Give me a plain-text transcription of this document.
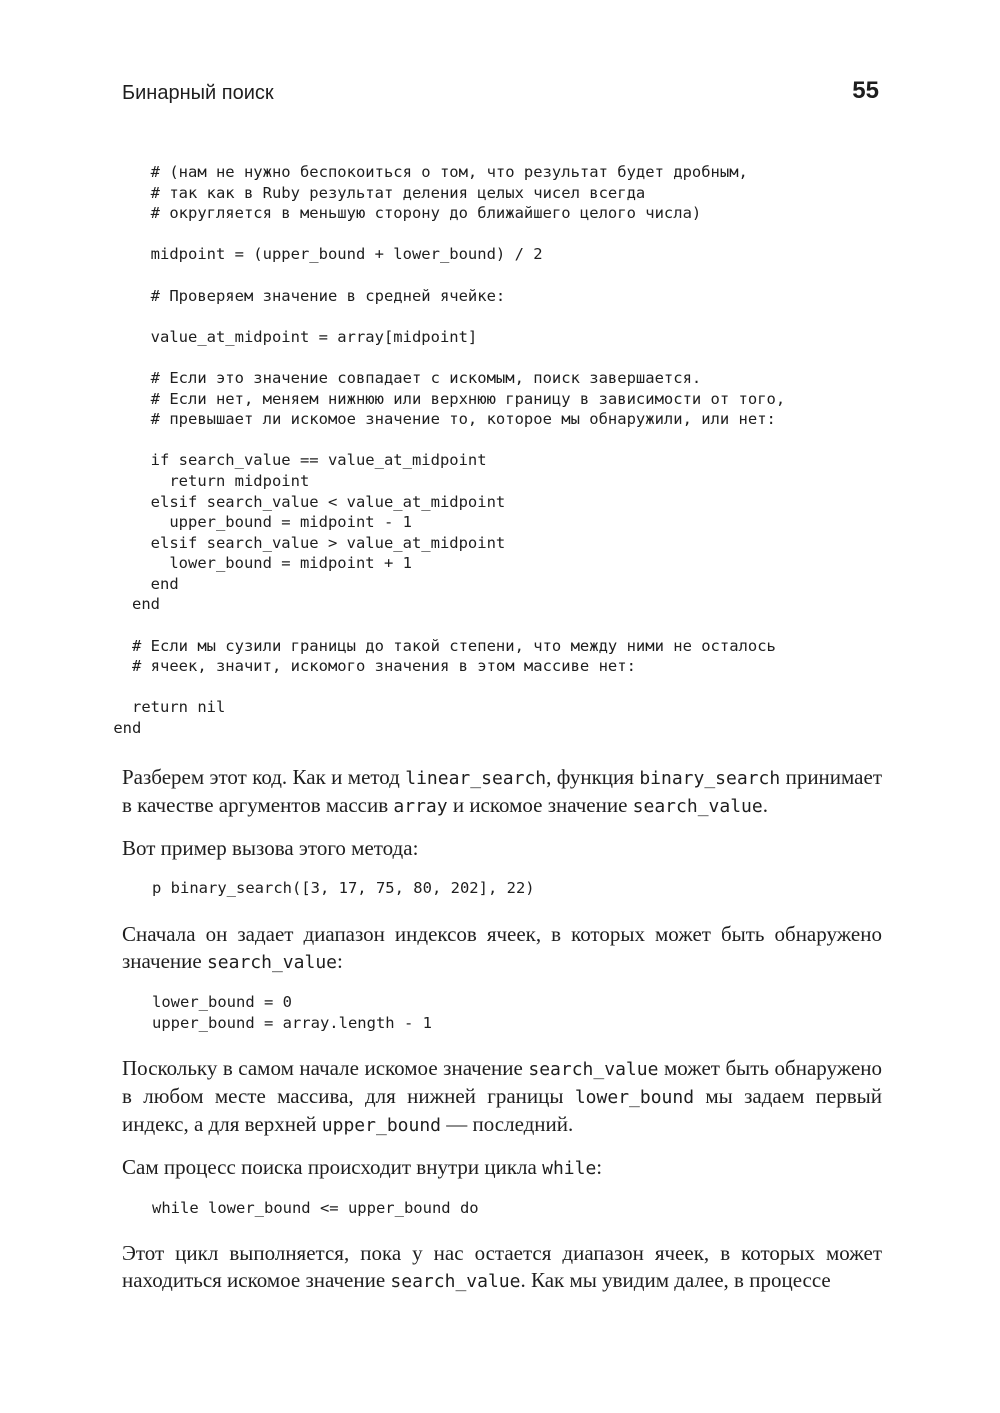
Бинарный поиск	55
# (нам не нужно беспокоиться о том, что результат будет дробным,
# так как в Ruby результат деления целых чисел всегда
# округляется в меньшую сторону до ближайшего целого числа)

midpoint = (upper_bound + lower_bound) / 2

# Проверяем значение в средней ячейке:

value_at_midpoint = array[midpoint]

# Если это значение совпадает с искомым, поиск завершается.
# Если нет, меняем нижнюю или верхнюю границу в зависимости от того,
# превышает ли искомое значение то, которое мы обнаружили, или нет:

if search_value == value_at_midpoint
return midpoint
elsif search_value < value_at_midpoint
upper_bound = midpoint - 1
elsif search_value > value_at_midpoint
lower_bound = midpoint + 1
end
end

# Если мы сузили границы до такой степени, что между ними не осталось
# ячеек, значит, искомого значения в этом массиве нет:

return nil
end

Разберем этот код. Как и метод linear_search, функция binary_search принимает в качестве аргументов массив array и искомое значение search_value.

Вот пример вызова этого метода:

p binary_search([3, 17, 75, 80, 202], 22)

Сначала он задает диапазон индексов ячеек, в которых может быть обнаружено значение search_value:

lower_bound = 0
upper_bound = array.length - 1

Поскольку в самом начале искомое значение search_value может быть обнаружено в любом месте массива, для нижней границы lower_bound мы задаем первый индекс, а для верхней upper_bound — последний.

Сам процесс поиска происходит внутри цикла while:

while lower_bound <= upper_bound do

Этот цикл выполняется, пока у нас остается диапазон ячеек, в которых может находиться искомое значение search_value. Как мы увидим далее, в процессе
